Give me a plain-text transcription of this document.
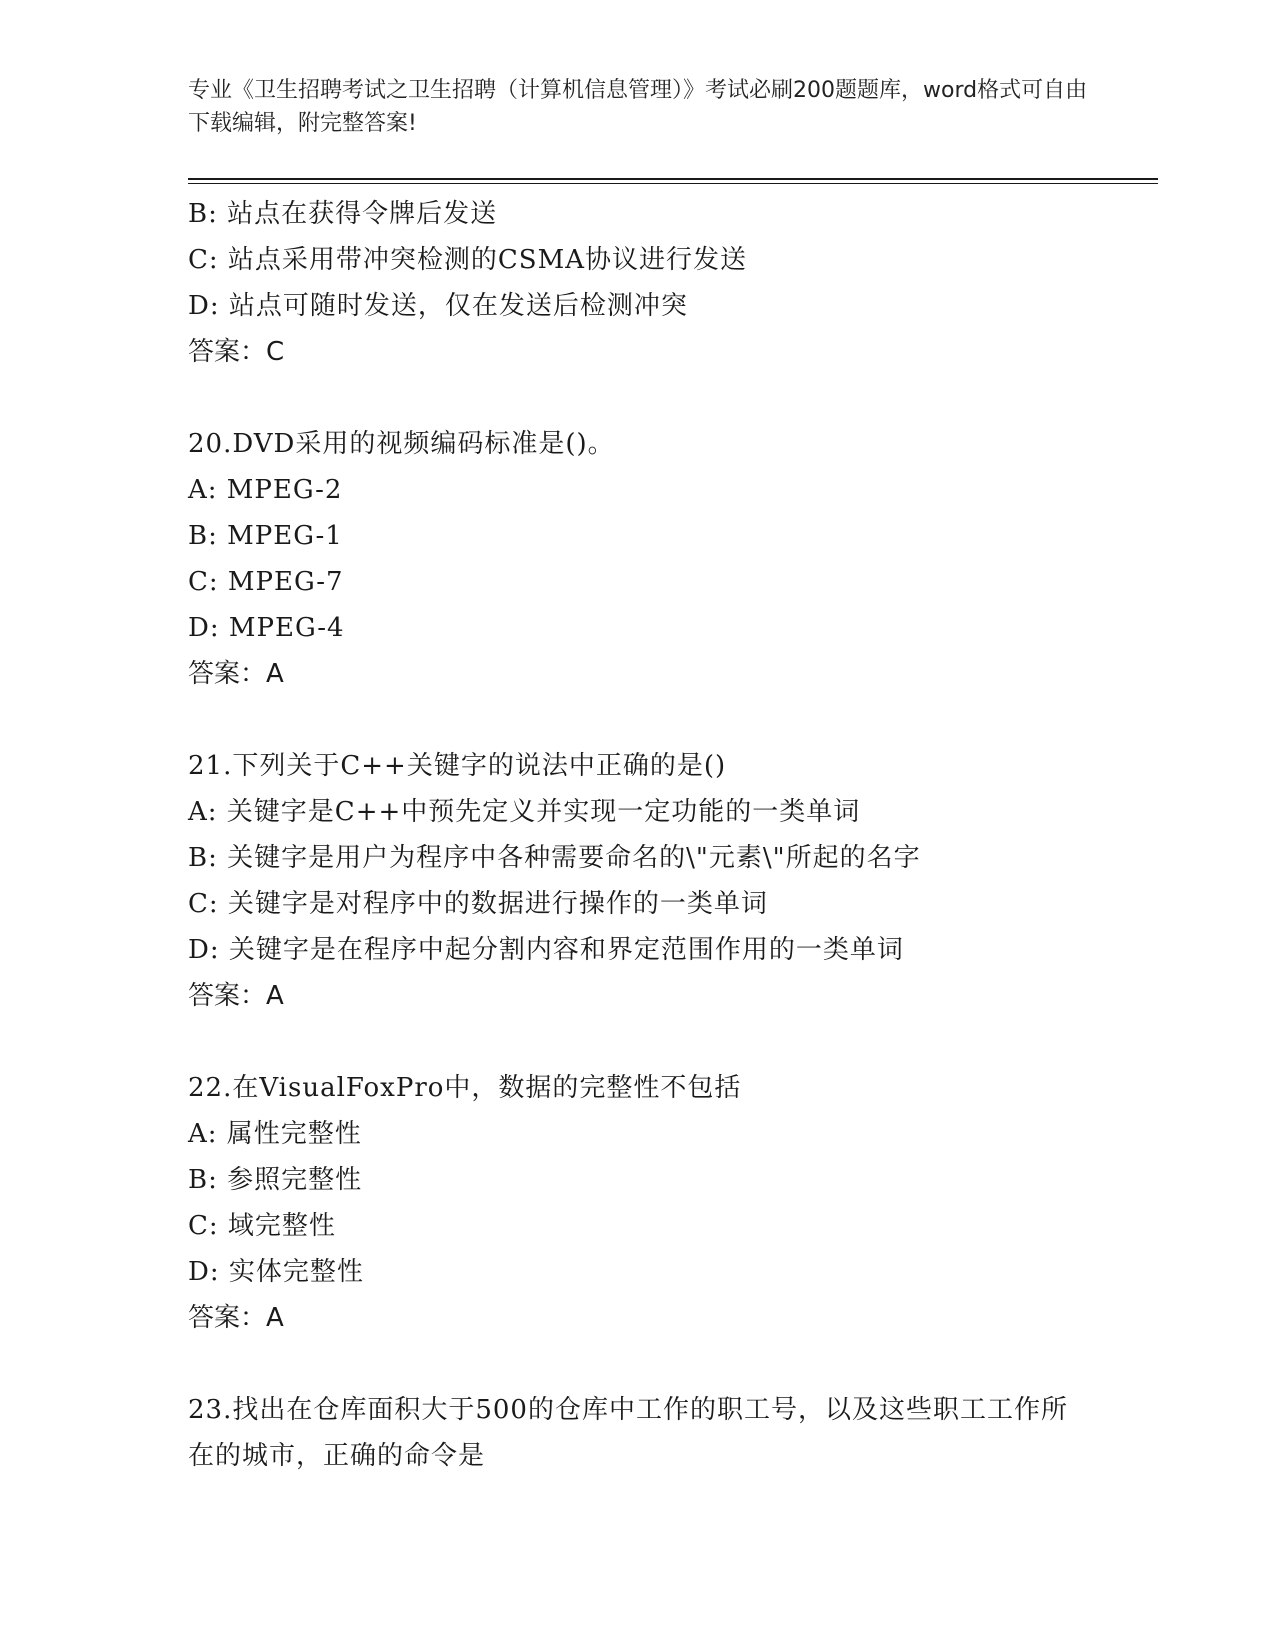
专业《卫生招聘考试之卫生招聘（计算机信息管理）》考试必刷200题题库，word格式可自由下载编辑，附完整答案!
B: 站点在获得令牌后发送
C: 站点采用带冲突检测的CSMA协议进行发送
D: 站点可随时发送，仅在发送后检测冲突
答案：C
20.DVD采用的视频编码标准是()。
A: MPEG-2
B: MPEG-1
C: MPEG-7
D: MPEG-4
答案：A
21.下列关于C++关键字的说法中正确的是()
A: 关键字是C++中预先定义并实现一定功能的一类单词
B: 关键字是用户为程序中各种需要命名的\"元素\"所起的名字
C: 关键字是对程序中的数据进行操作的一类单词
D: 关键字是在程序中起分割内容和界定范围作用的一类单词
答案：A
22.在VisualFoxPro中，数据的完整性不包括
A: 属性完整性
B: 参照完整性
C: 域完整性
D: 实体完整性
答案：A
23.找出在仓库面积大于500的仓库中工作的职工号，以及这些职工工作所在的城市，正确的命令是
